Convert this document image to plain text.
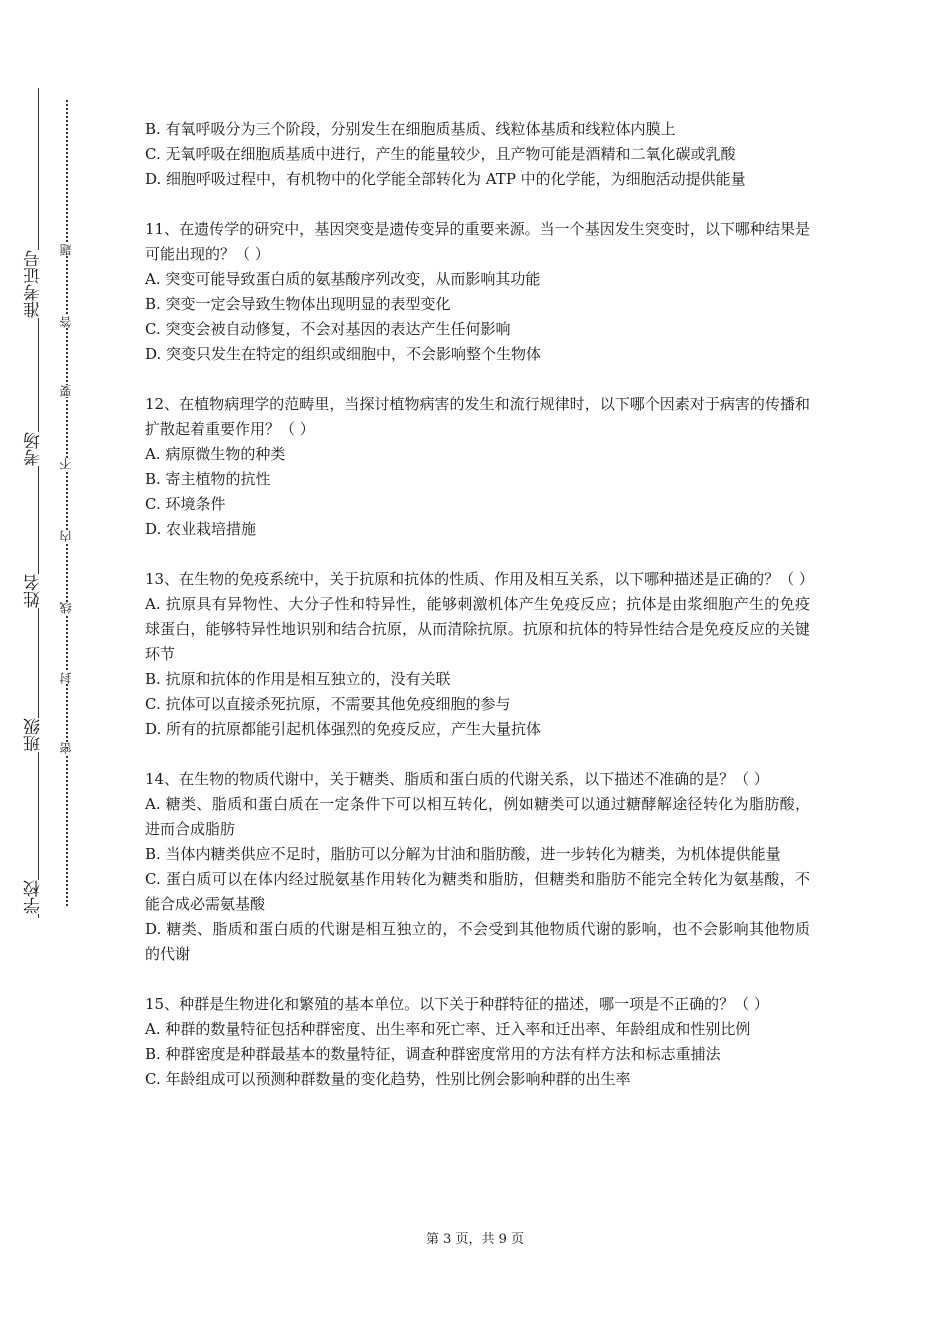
准考证号
考场
姓名
班级
学校
题
答
要
不
内
线
封
密

B. 有氧呼吸分为三个阶段，分别发生在细胞质基质、线粒体基质和线粒体内膜上

C. 无氧呼吸在细胞质基质中进行，产生的能量较少，且产物可能是酒精和二氧化碳或乳酸

D. 细胞呼吸过程中，有机物中的化学能全部转化为 ATP 中的化学能，为细胞活动提供能量

11、在遗传学的研究中，基因突变是遗传变异的重要来源。当一个基因发生突变时，以下哪种结果是可能出现的？（ ）

A. 突变可能导致蛋白质的氨基酸序列改变，从而影响其功能

B. 突变一定会导致生物体出现明显的表型变化

C. 突变会被自动修复，不会对基因的表达产生任何影响

D. 突变只发生在特定的组织或细胞中，不会影响整个生物体

12、在植物病理学的范畴里，当探讨植物病害的发生和流行规律时，以下哪个因素对于病害的传播和扩散起着重要作用？（ ）

A. 病原微生物的种类

B. 寄主植物的抗性

C. 环境条件

D. 农业栽培措施

13、在生物的免疫系统中，关于抗原和抗体的性质、作用及相互关系，以下哪种描述是正确的？（ ）

A. 抗原具有异物性、大分子性和特异性，能够刺激机体产生免疫反应；抗体是由浆细胞产生的免疫球蛋白，能够特异性地识别和结合抗原，从而清除抗原。抗原和抗体的特异性结合是免疫反应的关键环节

B. 抗原和抗体的作用是相互独立的，没有关联

C. 抗体可以直接杀死抗原，不需要其他免疫细胞的参与

D. 所有的抗原都能引起机体强烈的免疫反应，产生大量抗体

14、在生物的物质代谢中，关于糖类、脂质和蛋白质的代谢关系，以下描述不准确的是？（ ）

A. 糖类、脂质和蛋白质在一定条件下可以相互转化，例如糖类可以通过糖酵解途径转化为脂肪酸，进而合成脂肪

B. 当体内糖类供应不足时，脂肪可以分解为甘油和脂肪酸，进一步转化为糖类，为机体提供能量

C. 蛋白质可以在体内经过脱氨基作用转化为糖类和脂肪，但糖类和脂肪不能完全转化为氨基酸，不能合成必需氨基酸

D. 糖类、脂质和蛋白质的代谢是相互独立的，不会受到其他物质代谢的影响，也不会影响其他物质的代谢

15、种群是生物进化和繁殖的基本单位。以下关于种群特征的描述，哪一项是不正确的？（ ）

A. 种群的数量特征包括种群密度、出生率和死亡率、迁入率和迁出率、年龄组成和性别比例

B. 种群密度是种群最基本的数量特征，调查种群密度常用的方法有样方法和标志重捕法

C. 年龄组成可以预测种群数量的变化趋势，性别比例会影响种群的出生率

第 3 页，共 9 页
